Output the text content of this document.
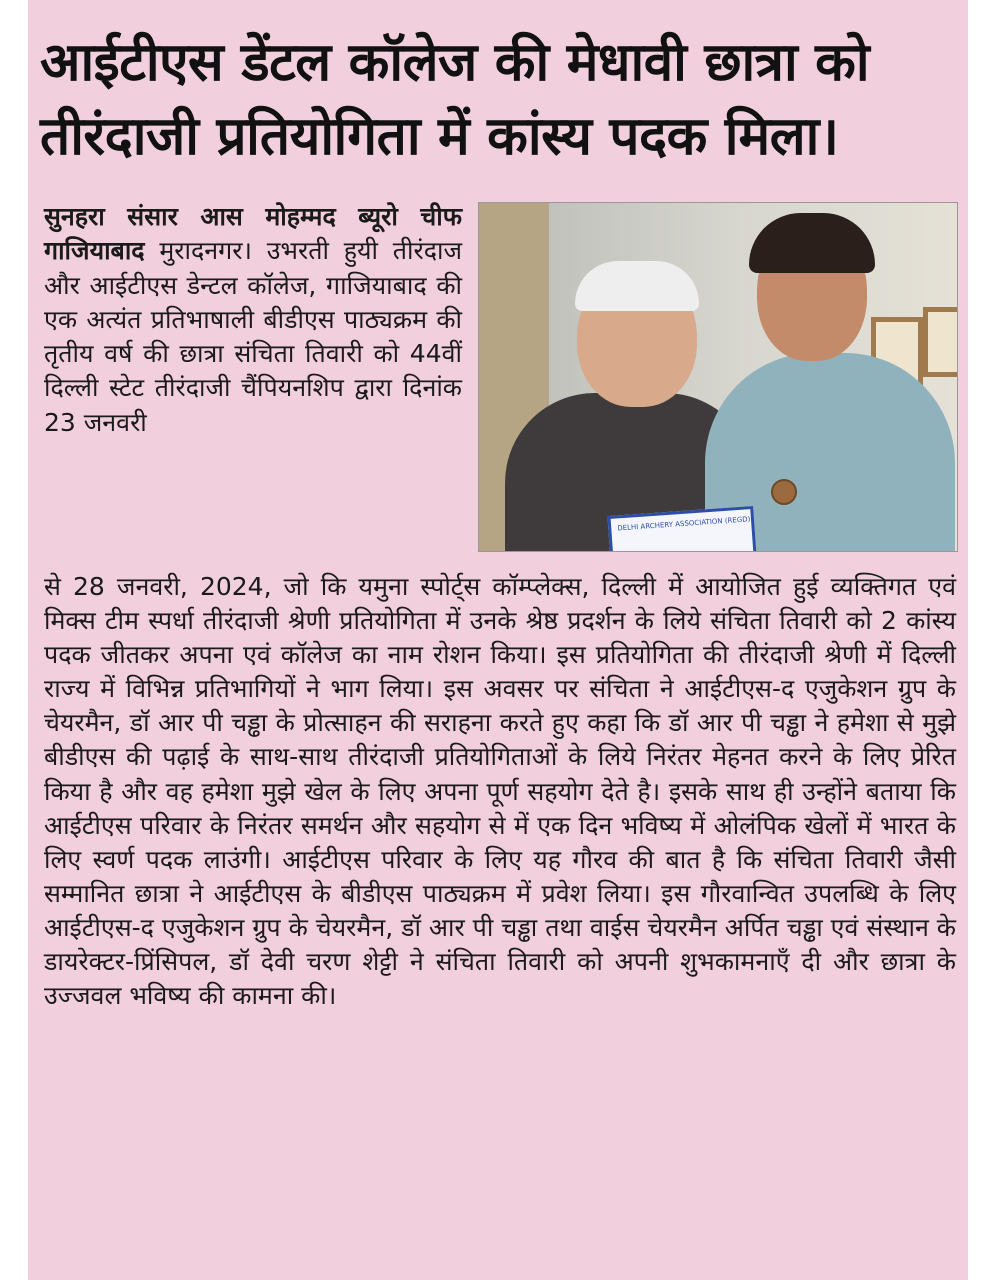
आईटीएस डेंटल कॉलेज की मेधावी छात्रा को
तीरंदाजी प्रतियोगिता में कांस्य पदक मिला।
सुनहरा संसार आस मोहम्मद ब्यूरो चीफ गाजियाबाद मुरादनगर। उभरती हुयी तीरंदाज और आईटीएस डेन्टल कॉलेज, गाजियाबाद की एक अत्यंत प्रतिभाषाली बीडीएस पाठ्यक्रम की तृतीय वर्ष की छात्रा संचिता तिवारी को 44वीं दिल्ली स्टेट तीरंदाजी चैंपियनशिप द्वारा दिनांक 23 जनवरी
DELHI ARCHERY ASSOCIATION (REGD)
से 28 जनवरी, 2024, जो कि यमुना स्पोर्ट्स कॉम्प्लेक्स, दिल्ली में आयोजित हुई व्यक्तिगत एवं मिक्स टीम स्पर्धा तीरंदाजी श्रेणी प्रतियोगिता में उनके श्रेष्ठ प्रदर्शन के लिये संचिता तिवारी को 2 कांस्य पदक जीतकर अपना एवं कॉलेज का नाम रोशन किया। इस प्रतियोगिता की तीरंदाजी श्रेणी में दिल्ली राज्य में विभिन्न प्रतिभागियों ने भाग लिया। इस अवसर पर संचिता ने आईटीएस-द एजुकेशन ग्रुप के चेयरमैन, डॉ आर पी चड्ढा के प्रोत्साहन की सराहना करते हुए कहा कि डॉ आर पी चड्ढा ने हमेशा से मुझे बीडीएस की पढ़ाई के साथ-साथ तीरंदाजी प्रतियोगिताओं के लिये निरंतर मेहनत करने के लिए प्रेरित किया है और वह हमेशा मुझे खेल के लिए अपना पूर्ण सहयोग देते है। इसके साथ ही उन्होंने बताया कि आईटीएस परिवार के निरंतर समर्थन और सहयोग से में एक दिन भविष्य में ओलंपिक खेलों में भारत के लिए स्वर्ण पदक लाउंगी। आईटीएस परिवार के लिए यह गौरव की बात है कि संचिता तिवारी जैसी सम्मानित छात्रा ने आईटीएस के बीडीएस पाठ्यक्रम में प्रवेश लिया। इस गौरवान्वित उपलब्धि के लिए आईटीएस-द एजुकेशन ग्रुप के चेयरमैन, डॉ आर पी चड्ढा तथा वाईस चेयरमैन अर्पित चड्ढा एवं संस्थान के डायरेक्टर-प्रिंसिपल, डॉ देवी चरण शेट्टी ने संचिता तिवारी को अपनी शुभकामनाएँ दी और छात्रा के उज्जवल भविष्य की कामना की।
